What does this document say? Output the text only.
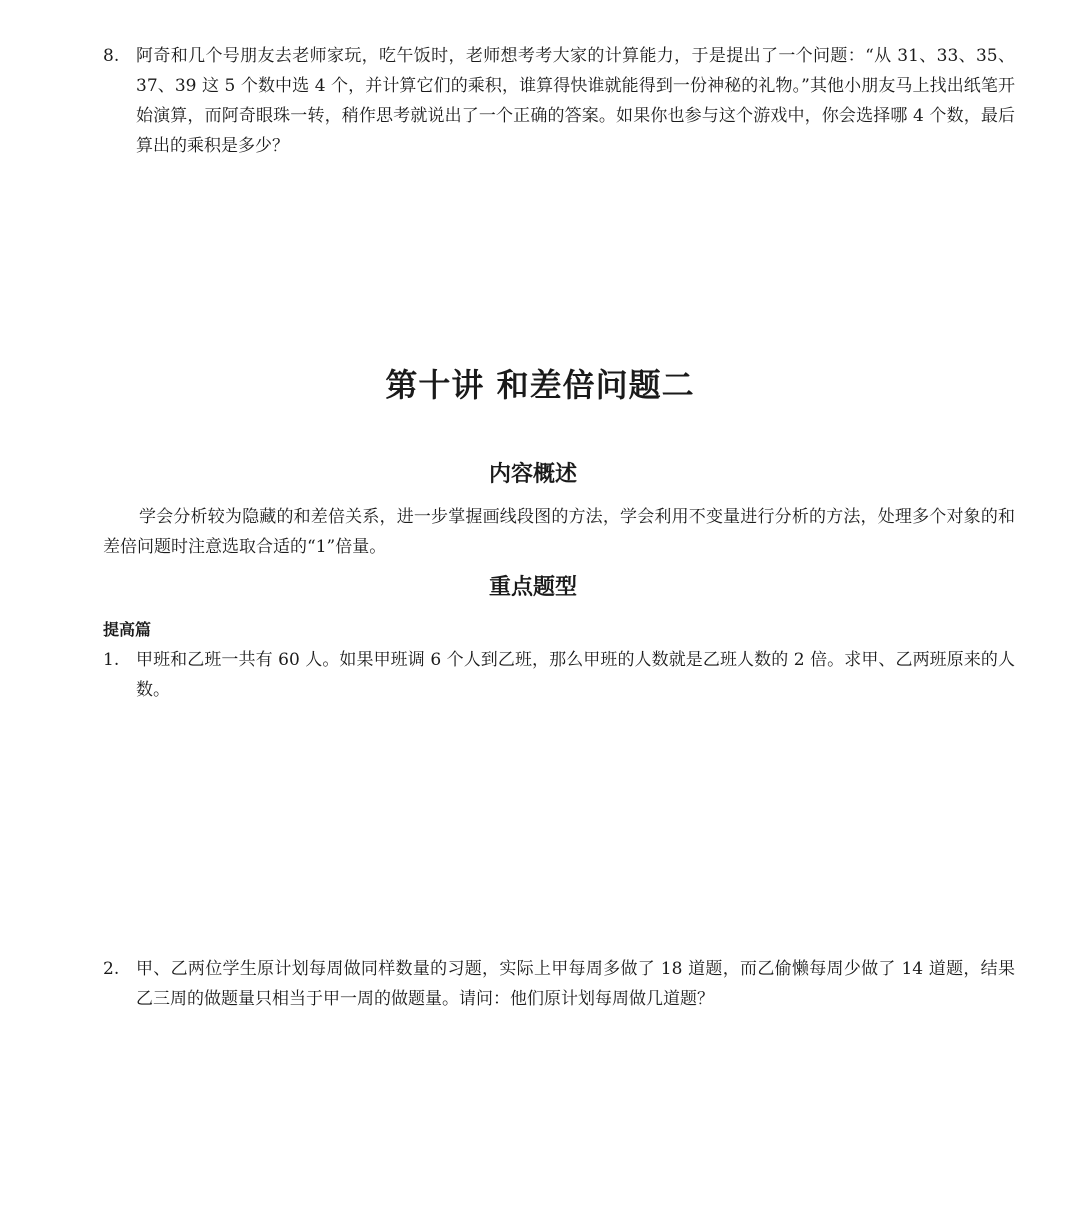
8. 阿奇和几个号朋友去老师家玩，吃午饭时，老师想考考大家的计算能力，于是提出了一个问题：“从 31、33、35、37、39 这 5 个数中选 4 个，并计算它们的乘积，谁算得快谁就能得到一份神秘的礼物。”其他小朋友马上找出纸笔开始演算，而阿奇眼珠一转，稍作思考就说出了一个正确的答案。如果你也参与这个游戏中，你会选择哪 4 个数，最后算出的乘积是多少？
第十讲 和差倍问题二
内容概述
学会分析较为隐藏的和差倍关系，进一步掌握画线段图的方法，学会利用不变量进行分析的方法，处理多个对象的和差倍问题时注意选取合适的“1”倍量。
重点题型
提高篇
1. 甲班和乙班一共有 60 人。如果甲班调 6 个人到乙班，那么甲班的人数就是乙班人数的 2 倍。求甲、乙两班原来的人数。
2. 甲、乙两位学生原计划每周做同样数量的习题，实际上甲每周多做了 18 道题，而乙偷懒每周少做了 14 道题，结果乙三周的做题量只相当于甲一周的做题量。请问：他们原计划每周做几道题？
